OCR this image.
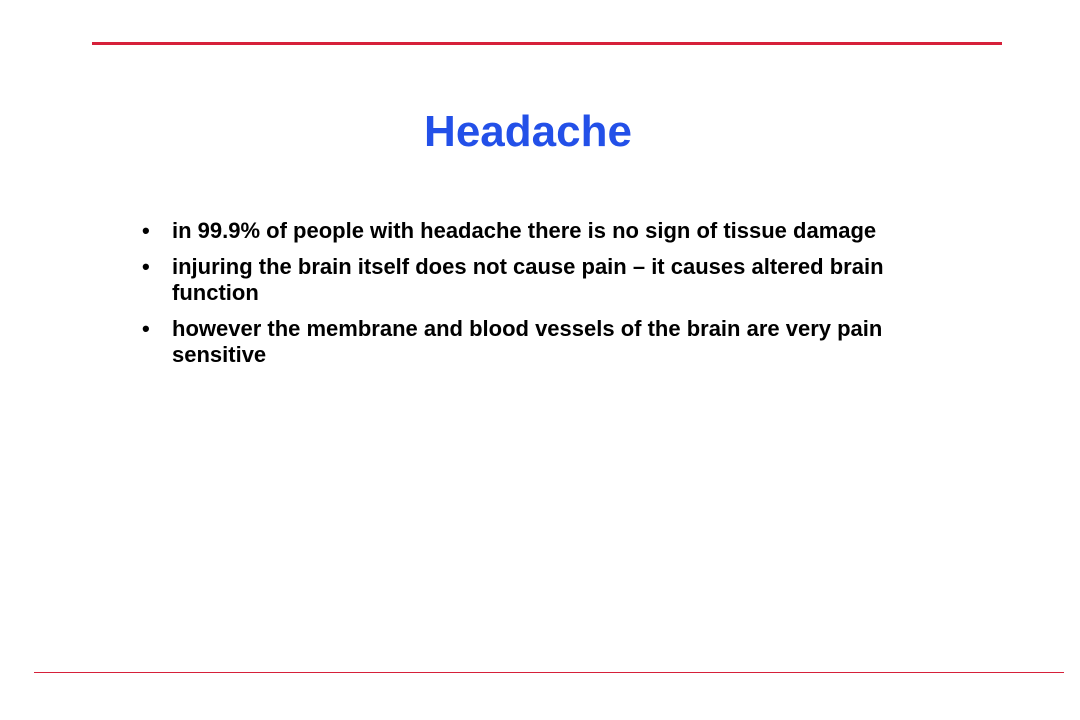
Headache
• in 99.9% of people with headache there is no sign of tissue damage
• injuring the brain itself does not cause pain – it causes altered brain function
• however the membrane and blood vessels of the brain are very pain sensitive
